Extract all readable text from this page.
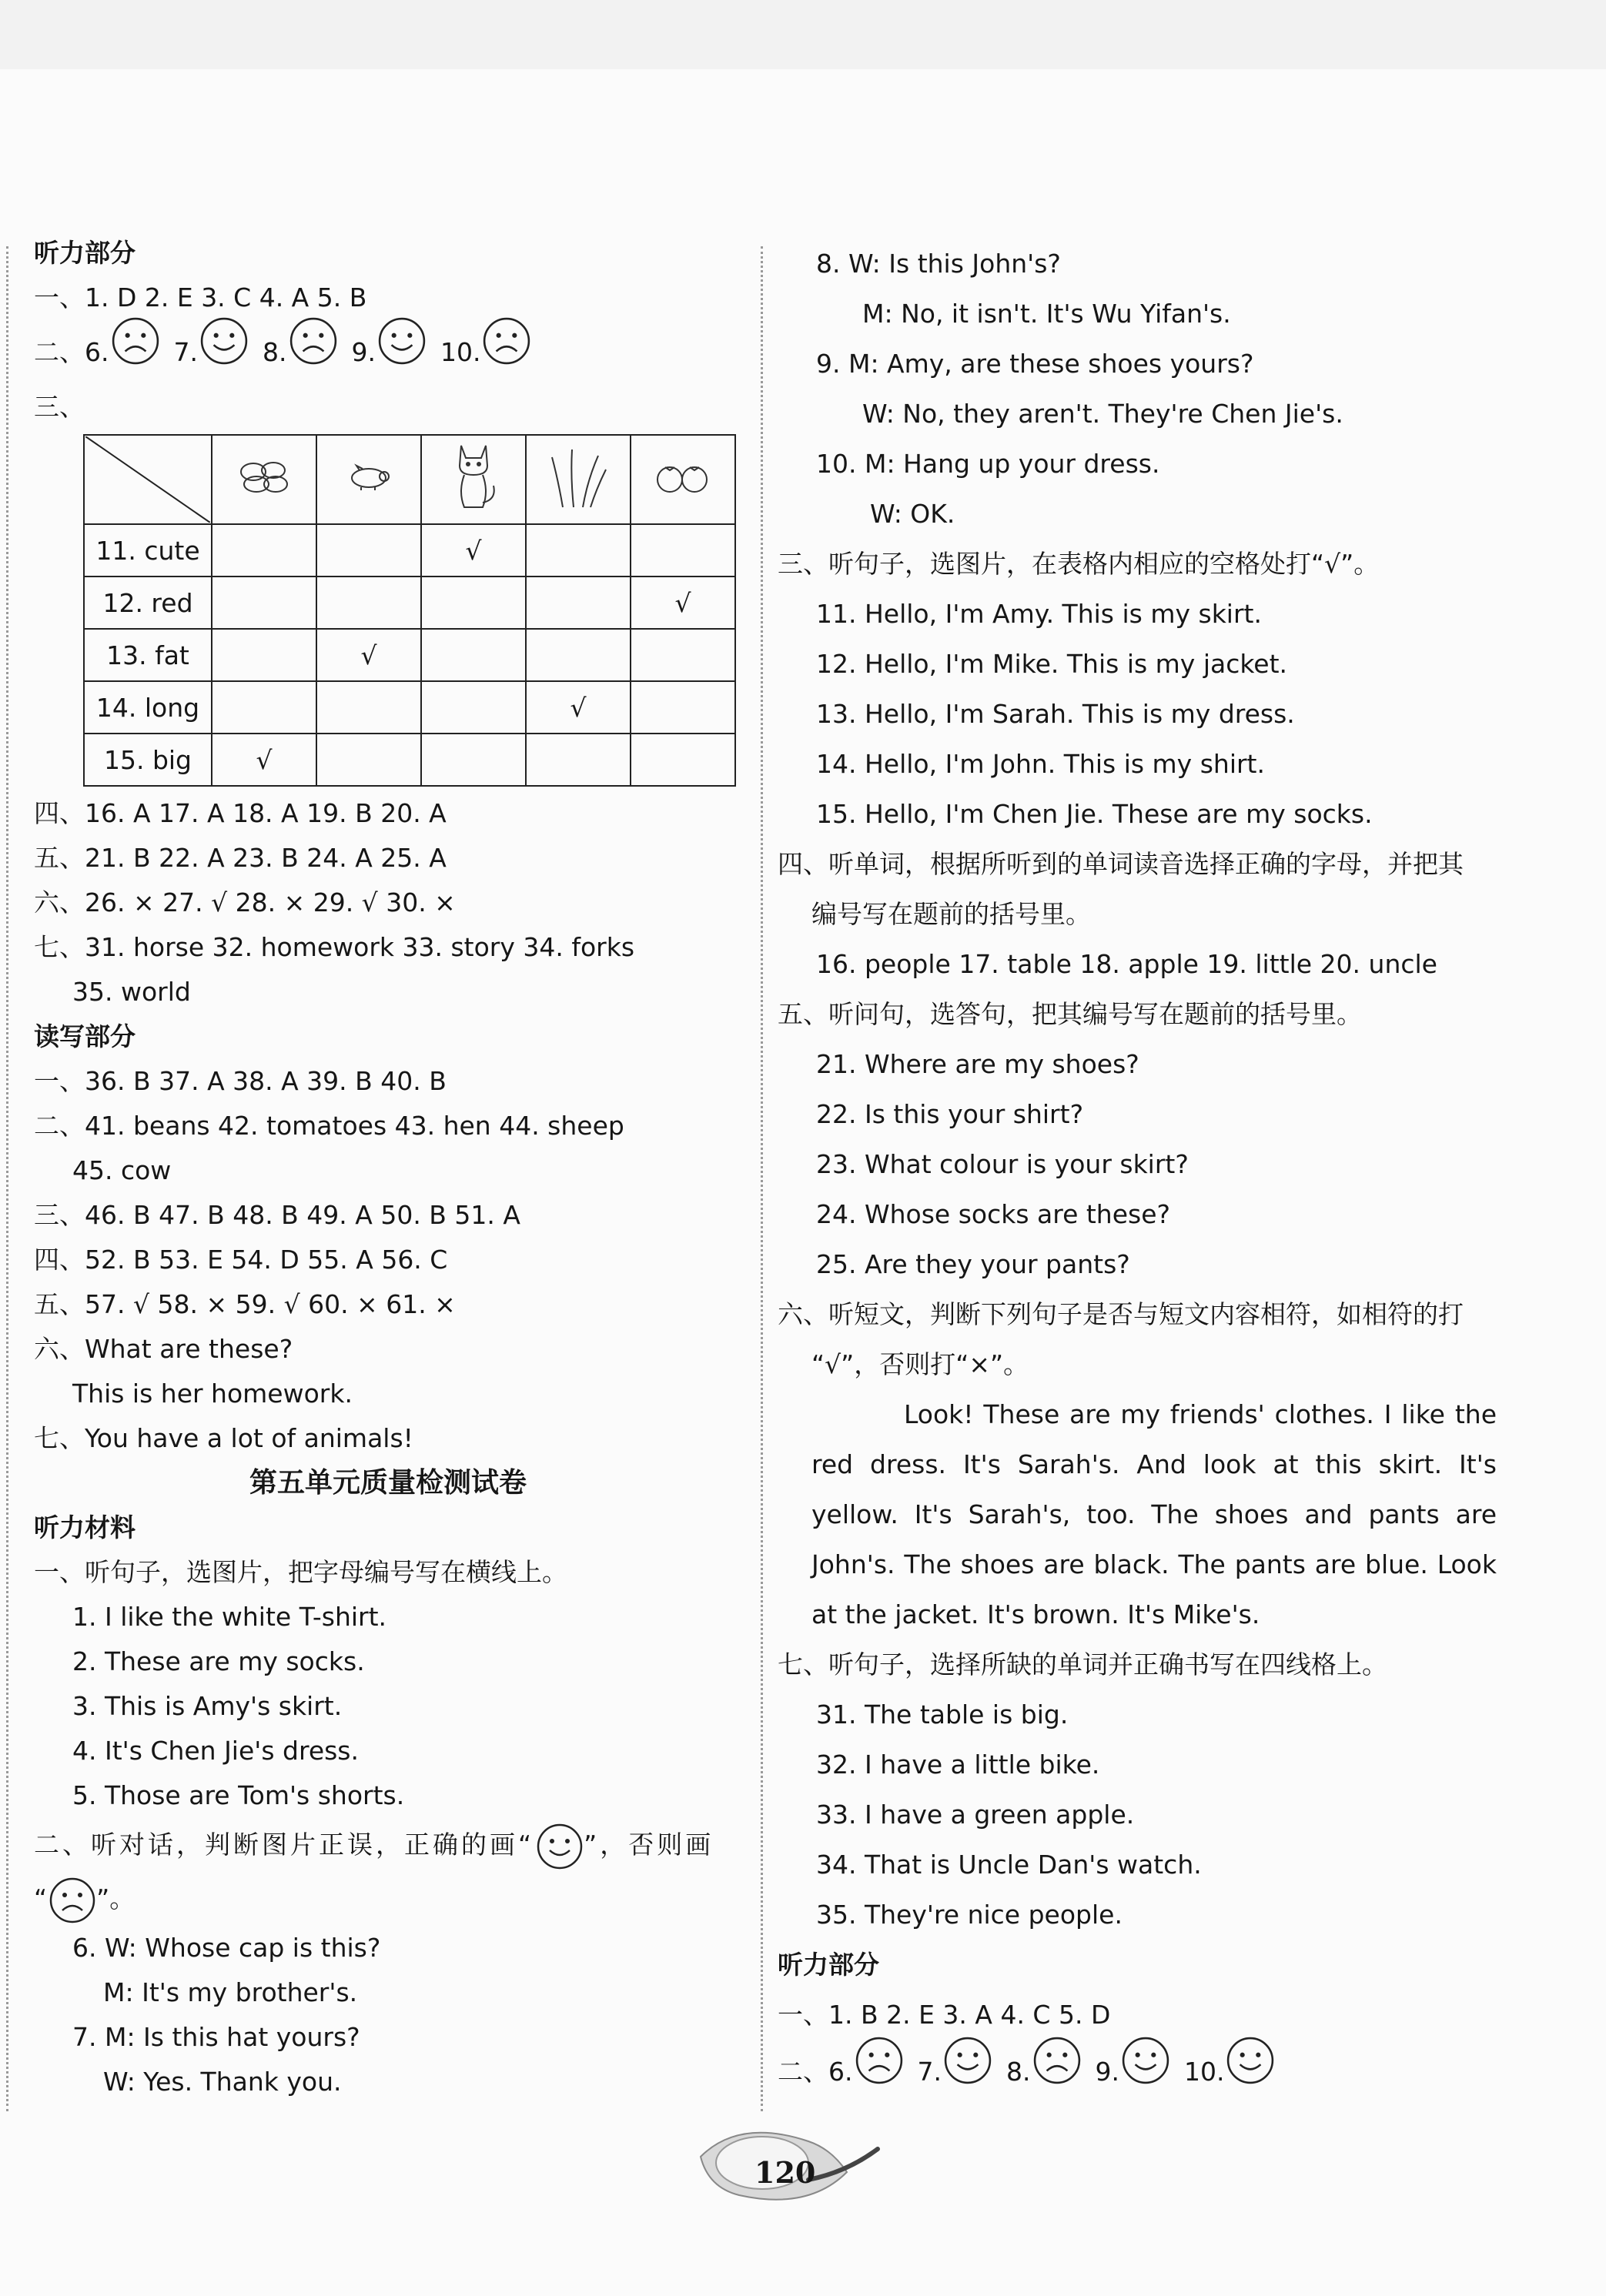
听力部分
一、1. D 2. E 3. C 4. A 5. B
二、 6.	7.	8.	9.	10.
三、

11. cute			√		
12. red					√
13. fat		√			
14. long				√	
15. big	√				
四、16. A 17. A 18. A 19. B 20. A
五、21. B 22. A 23. B 24. A 25. A
六、26. × 27. √ 28. × 29. √ 30. ×
七、31. horse 32. homework 33. story 34. forks
35. world
读写部分
一、36. B 37. A 38. A 39. B 40. B
二、41. beans 42. tomatoes 43. hen 44. sheep
45. cow
三、46. B 47. B 48. B 49. A 50. B 51. A
四、52. B 53. E 54. D 55. A 56. C
五、57. √ 58. × 59. √ 60. × 61. ×
六、What are these?
This is her homework.
七、You have a lot of animals!
第五单元质量检测试卷
听力材料
一、听句子，选图片，把字母编号写在横线上。
1. I like the white T-shirt.
2. These are my socks.
3. This is Amy's skirt.
4. It's Chen Jie's dress.
5. Those are Tom's shorts.
二、听对话，判断图片正误，正确的画“ ”，否则画
“ ”。
6. W: Whose cap is this?
M: It's my brother's.
7. M: Is this hat yours?
W: Yes. Thank you.
8. W: Is this John's?
M: No, it isn't. It's Wu Yifan's.
9. M: Amy, are these shoes yours?
W: No, they aren't. They're Chen Jie's.
10. M: Hang up your dress.
W: OK.
三、听句子，选图片，在表格内相应的空格处打“√”。
11. Hello, I'm Amy. This is my skirt.
12. Hello, I'm Mike. This is my jacket.
13. Hello, I'm Sarah. This is my dress.
14. Hello, I'm John. This is my shirt.
15. Hello, I'm Chen Jie. These are my socks.
四、听单词，根据所听到的单词读音选择正确的字母，并把其
编号写在题前的括号里。
16. people 17. table 18. apple 19. little 20. uncle
五、听问句，选答句，把其编号写在题前的括号里。
21. Where are my shoes?
22. Is this your shirt?
23. What colour is your skirt?
24. Whose socks are these?
25. Are they your pants?
六、听短文，判断下列句子是否与短文内容相符，如相符的打
“√”，否则打“×”。
Look! These are my friends' clothes. I like the red dress. It's Sarah's. And look at this skirt. It's yellow. It's Sarah's, too. The shoes and pants are John's. The shoes are black. The pants are blue. Look at the jacket. It's brown. It's Mike's.
七、听句子，选择所缺的单词并正确书写在四线格上。
31. The table is big.
32. I have a little bike.
33. I have a green apple.
34. That is Uncle Dan's watch.
35. They're nice people.
听力部分
一、1. B 2. E 3. A 4. C 5. D
二、 6.	7.	8.	9.	10.
120
